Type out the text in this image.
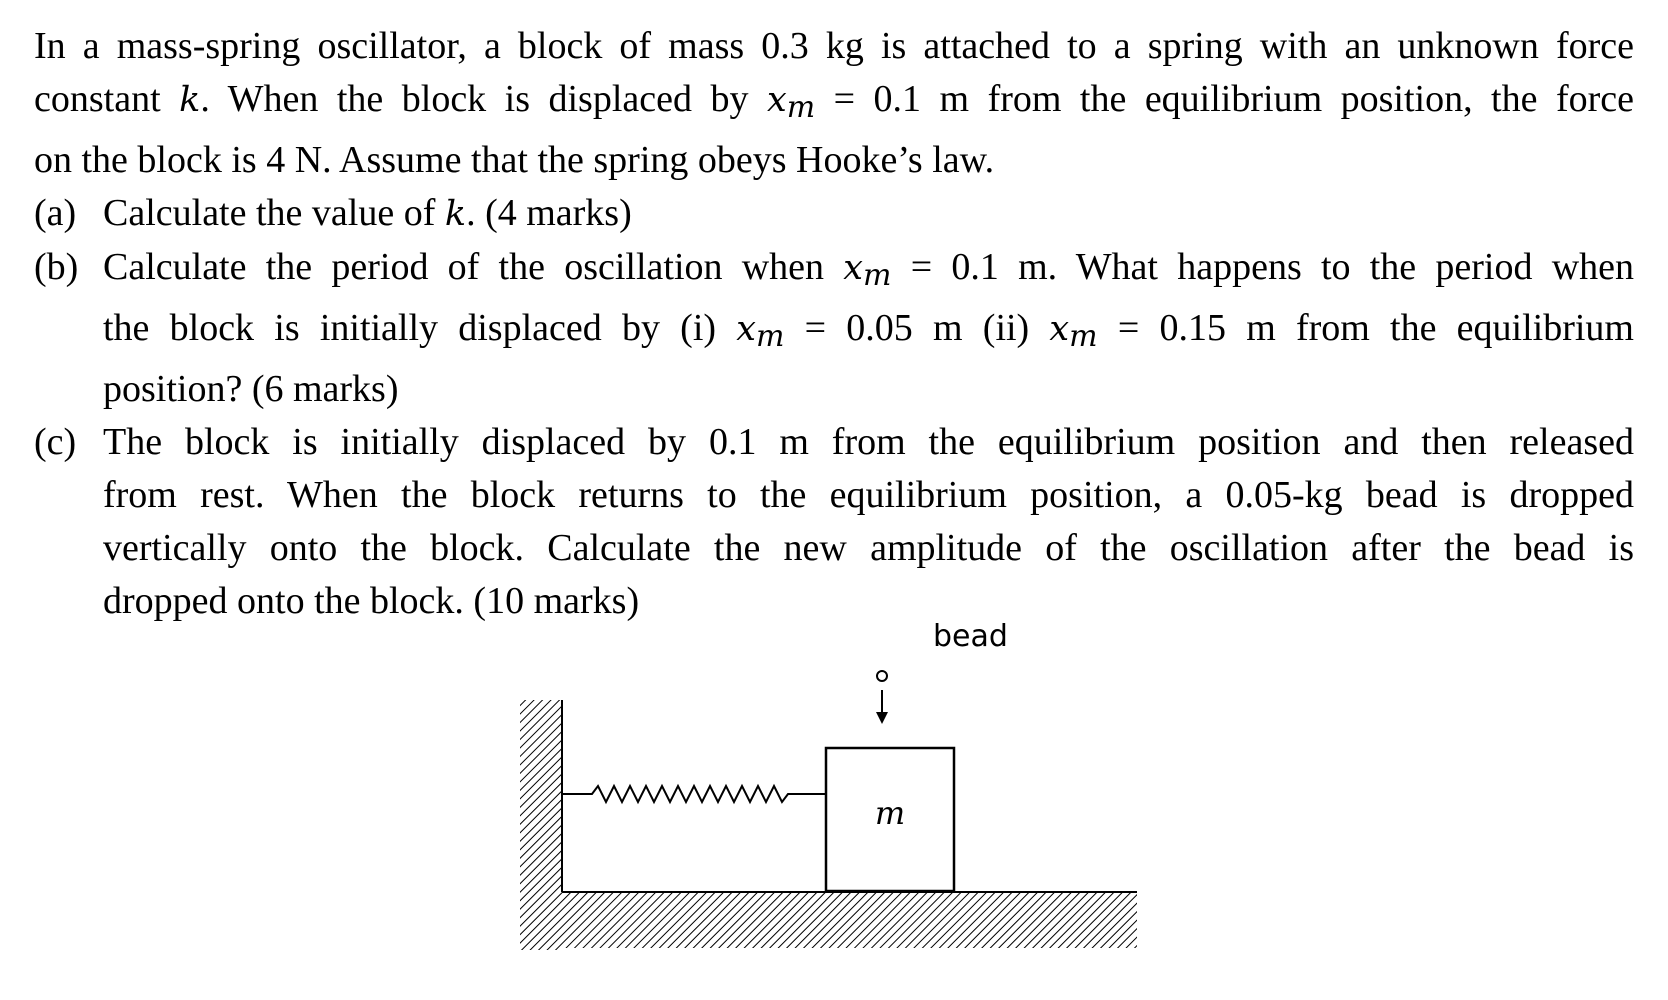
In a mass-spring oscillator, a block of mass 0.3 kg is attached to a spring with an unknown force
constant k. When the block is displaced by $x_m = 0.1$ m from the equilibrium position, the force
on the block is 4 N. Assume that the spring obeys Hooke’s law.
(a) Calculate the value of k. (4 marks)
(b) Calculate the period of the oscillation when $x_m = 0.1$ m. What happens to the period when
the block is initially displaced by (i) $x_m = 0.05$ m (ii) $x_m = 0.15$ m from the equilibrium
position? (6 marks)
(c) The block is initially displaced by 0.1 m from the equilibrium position and then released
from rest. When the block returns to the equilibrium position, a 0.05-kg bead is dropped
vertically onto the block. Calculate the new amplitude of the oscillation after the bead is
dropped onto the block. (10 marks)
m
bead
